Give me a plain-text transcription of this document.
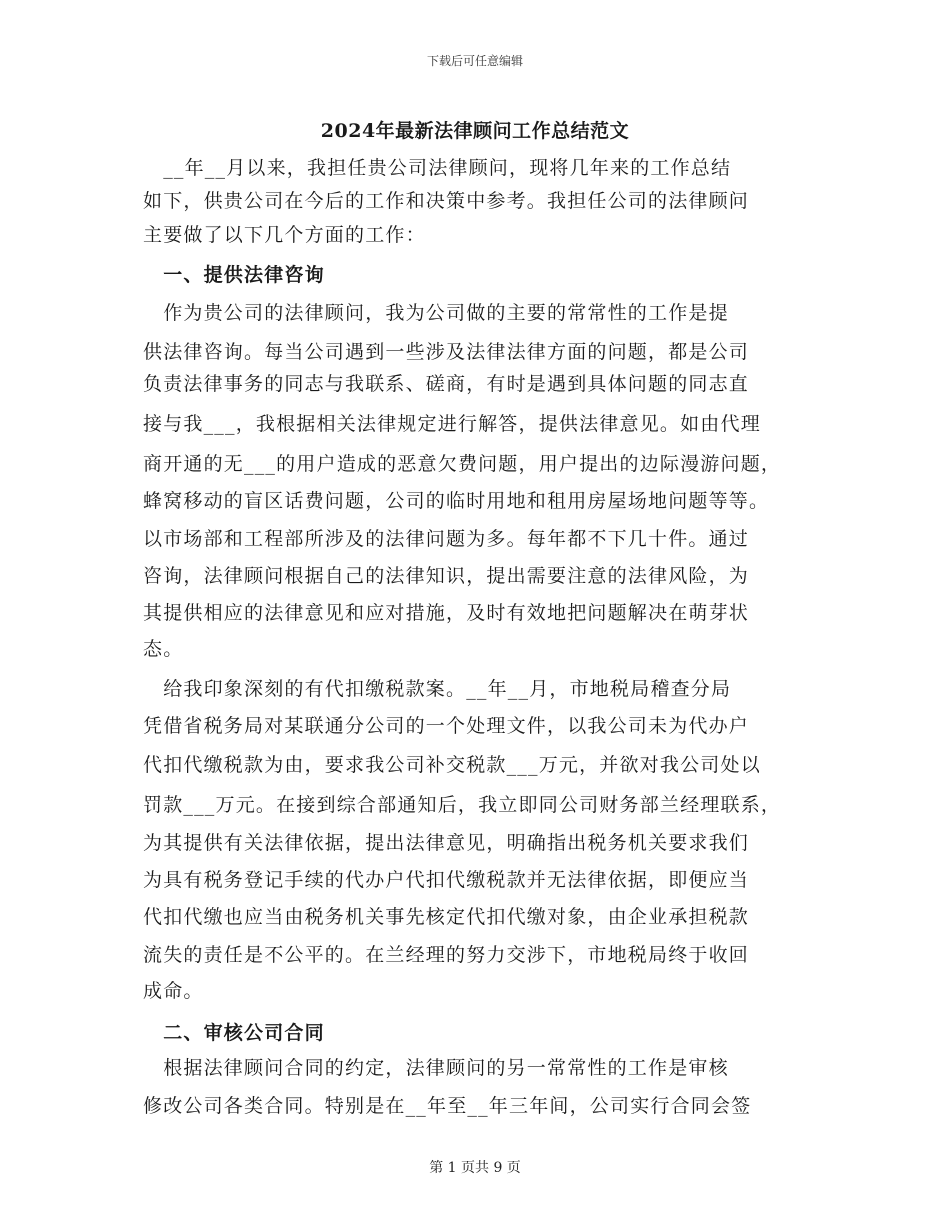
下载后可任意编辑
2024年最新法律顾问工作总结范文
　__年__月以来，我担任贵公司法律顾问，现将几年来的工作总结
如下，供贵公司在今后的工作和决策中参考。我担任公司的法律顾问
主要做了以下几个方面的工作：
　一、提供法律咨询
　作为贵公司的法律顾问，我为公司做的主要的常常性的工作是提
供法律咨询。每当公司遇到一些涉及法律法律方面的问题，都是公司
负责法律事务的同志与我联系、磋商，有时是遇到具体问题的同志直
接与我___，我根据相关法律规定进行解答，提供法律意见。如由代理
商开通的无___的用户造成的恶意欠费问题，用户提出的边际漫游问题，
蜂窝移动的盲区话费问题，公司的临时用地和租用房屋场地问题等等。
以市场部和工程部所涉及的法律问题为多。每年都不下几十件。通过
咨询，法律顾问根据自己的法律知识，提出需要注意的法律风险，为
其提供相应的法律意见和应对措施，及时有效地把问题解决在萌芽状
态。
　给我印象深刻的有代扣缴税款案。__年__月，市地税局稽查分局
凭借省税务局对某联通分公司的一个处理文件，以我公司未为代办户
代扣代缴税款为由，要求我公司补交税款___万元，并欲对我公司处以
罚款___万元。在接到综合部通知后，我立即同公司财务部兰经理联系，
为其提供有关法律依据，提出法律意见，明确指出税务机关要求我们
为具有税务登记手续的代办户代扣代缴税款并无法律依据，即便应当
代扣代缴也应当由税务机关事先核定代扣代缴对象，由企业承担税款
流失的责任是不公平的。在兰经理的努力交涉下，市地税局终于收回
成命。
　二、审核公司合同
　根据法律顾问合同的约定，法律顾问的另一常常性的工作是审核
修改公司各类合同。特别是在__年至__年三年间，公司实行合同会签
第 1 页共 9 页
